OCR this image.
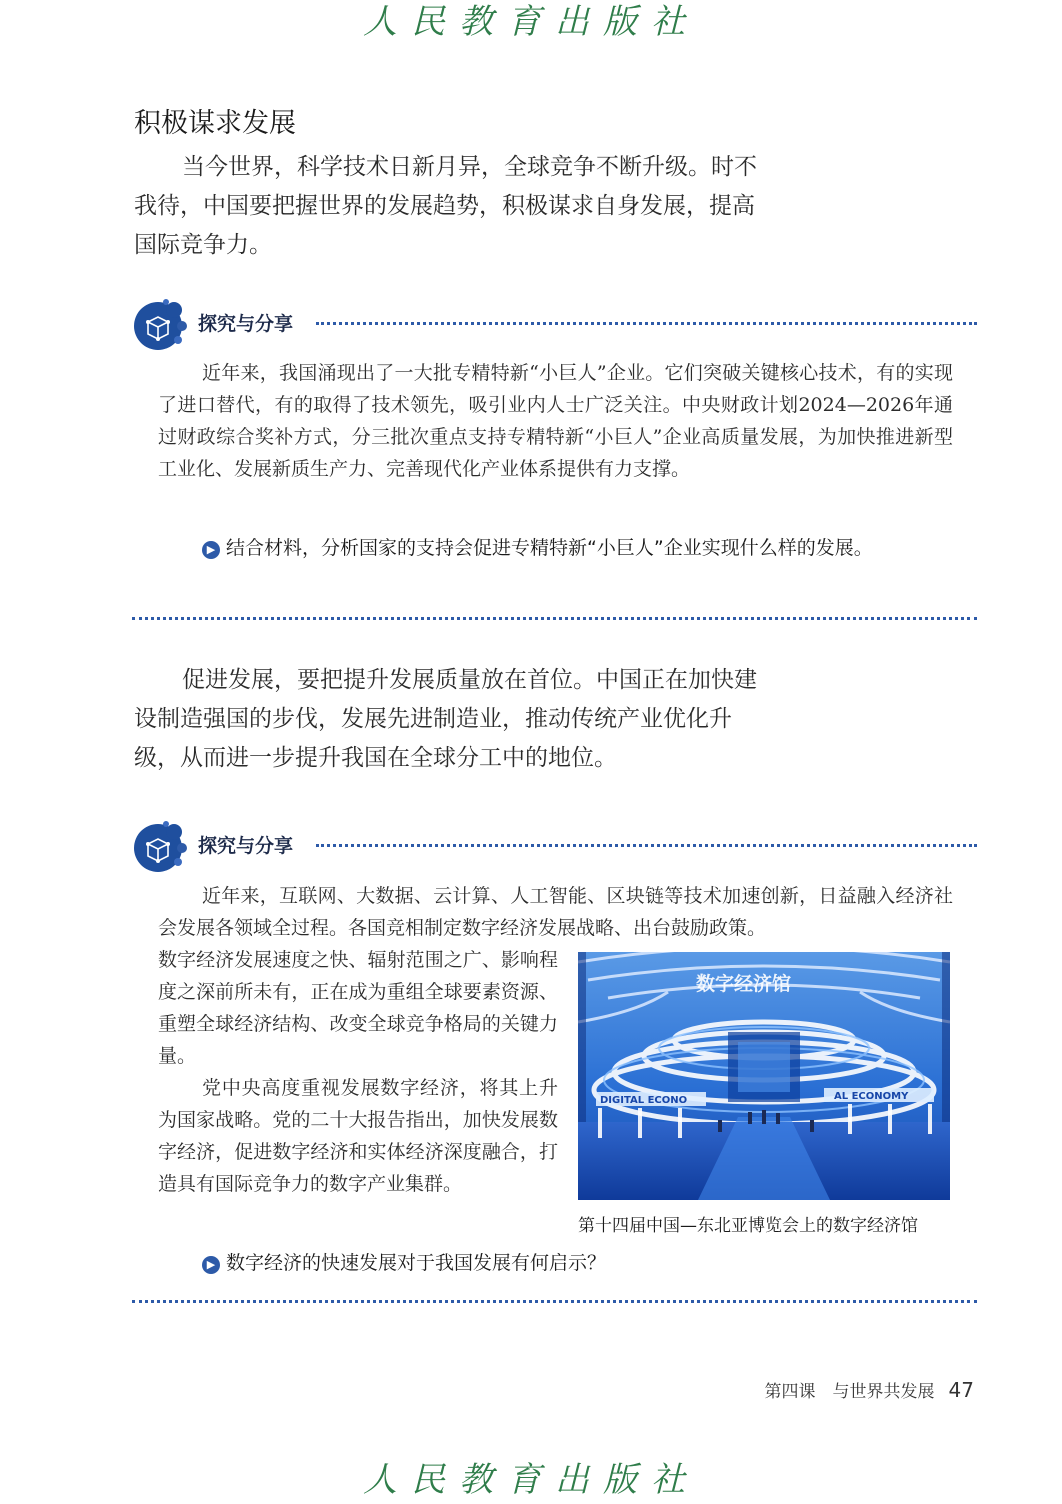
人民教育出版社
积极谋求发展

当今世界，科学技术日新月异，全球竞争不断升级。时不我待，中国要把握世界的发展趋势，积极谋求自身发展，提高国际竞争力。

探究与分享

近年来，我国涌现出了一大批专精特新“小巨人”企业。它们突破关键核心技术，有的实现了进口替代，有的取得了技术领先，吸引业内人士广泛关注。中央财政计划2024—2026年通过财政综合奖补方式，分三批次重点支持专精特新“小巨人”企业高质量发展，为加快推进新型工业化、发展新质生产力、完善现代化产业体系提供有力支撑。

▶ 结合材料，分析国家的支持会促进专精特新“小巨人”企业实现什么样的发展。

促进发展，要把提升发展质量放在首位。中国正在加快建设制造强国的步伐，发展先进制造业，推动传统产业优化升级，从而进一步提升我国在全球分工中的地位。

探究与分享

近年来，互联网、大数据、云计算、人工智能、区块链等技术加速创新，日益融入经济社会发展各领域全过程。各国竞相制定数字经济发展战略、出台鼓励政策。

数字经济发展速度之快、辐射范围之广、影响程度之深前所未有，正在成为重组全球要素资源、重塑全球经济结构、改变全球竞争格局的关键力量。

党中央高度重视发展数字经济，将其上升为国家战略。党的二十大报告指出，加快发展数字经济，促进数字经济和实体经济深度融合，打造具有国际竞争力的数字产业集群。

数字经济馆
DIGITAL ECONO	AL ECONOMY
第十四届中国—东北亚博览会上的数字经济馆

▶ 数字经济的快速发展对于我国发展有何启示？

第四课　与世界共发展 47
人民教育出版社
